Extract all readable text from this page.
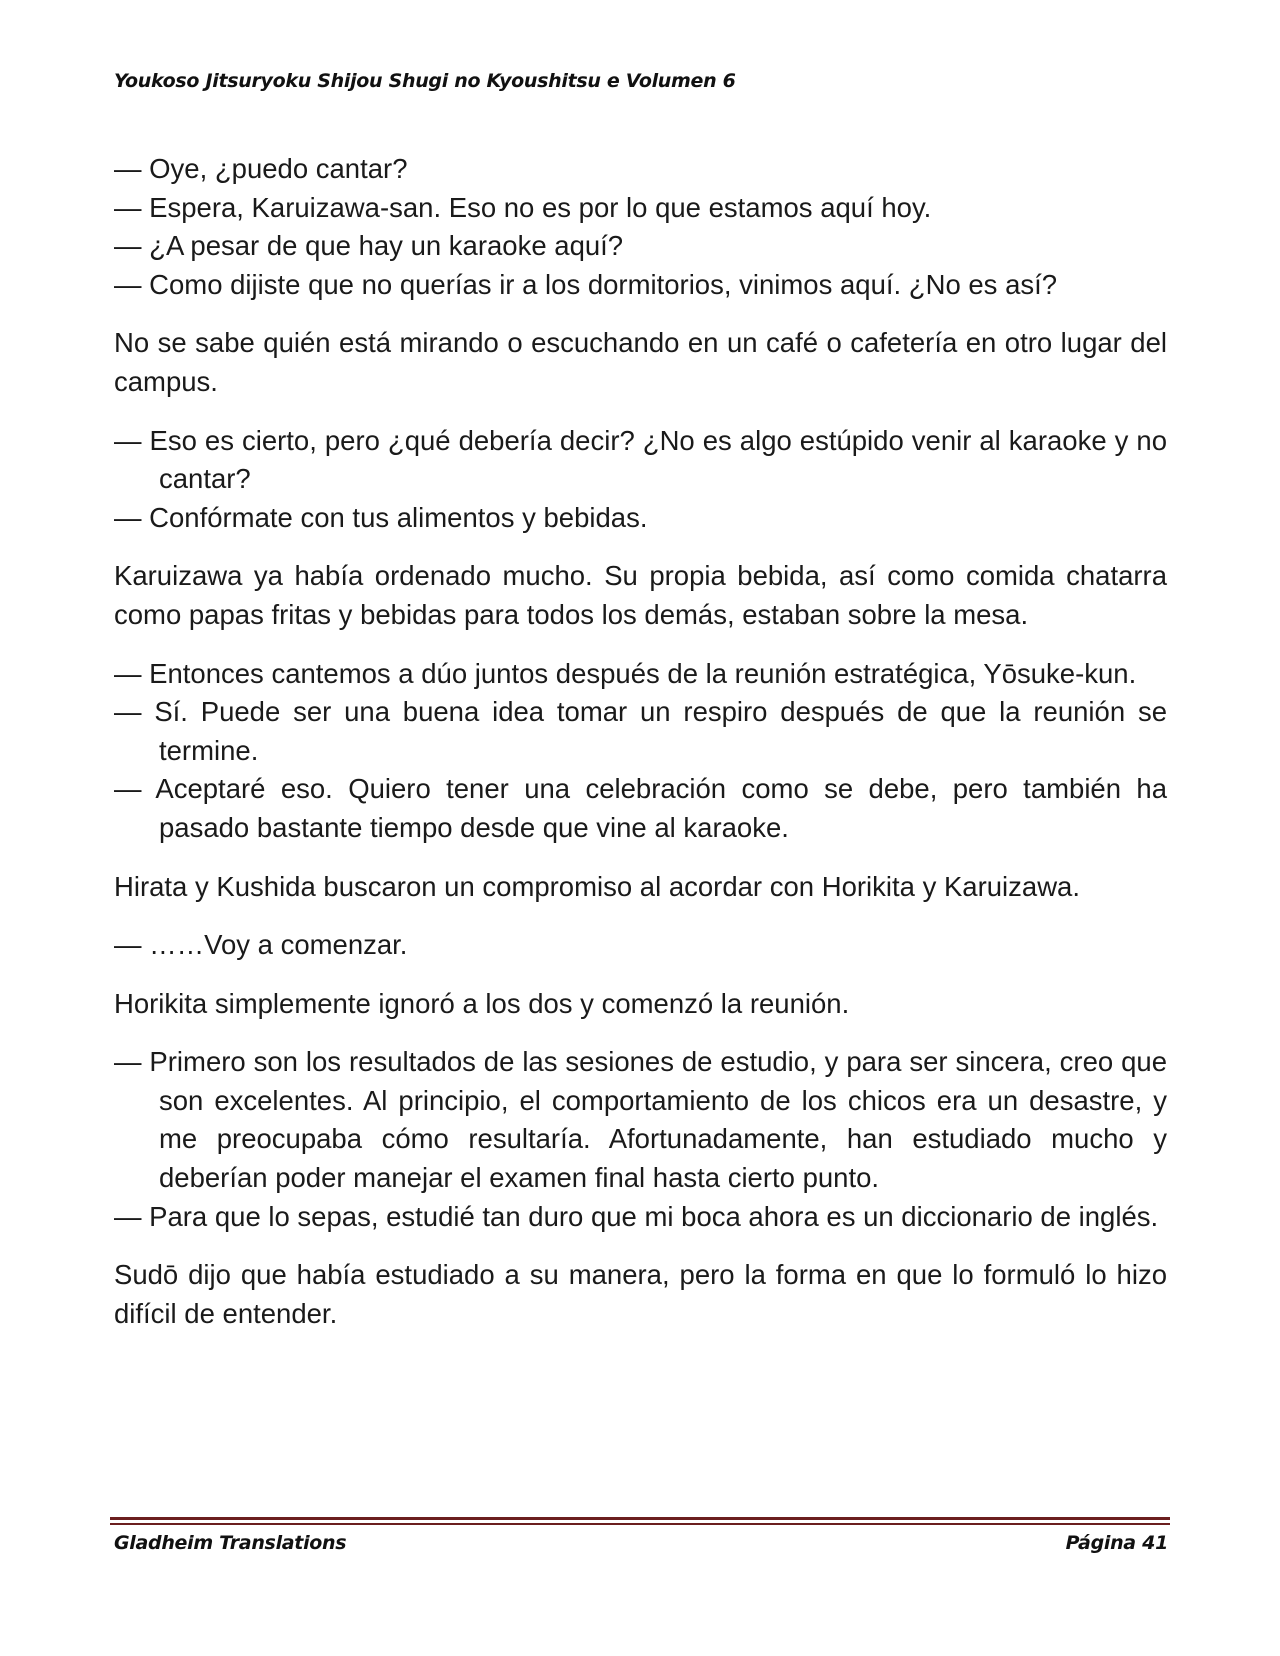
Youkoso Jitsuryoku Shijou Shugi no Kyoushitsu e Volumen 6

— Oye, ¿puedo cantar?

— Espera, Karuizawa-san. Eso no es por lo que estamos aquí hoy.

— ¿A pesar de que hay un karaoke aquí?

— Como dijiste que no querías ir a los dormitorios, vinimos aquí. ¿No es así?

No se sabe quién está mirando o escuchando en un café o cafetería en otro lugar del campus.

— Eso es cierto, pero ¿qué debería decir? ¿No es algo estúpido venir al karaoke y no cantar?

— Confórmate con tus alimentos y bebidas.

Karuizawa ya había ordenado mucho. Su propia bebida, así como comida chatarra como papas fritas y bebidas para todos los demás, estaban sobre la mesa.

— Entonces cantemos a dúo juntos después de la reunión estratégica, Yōsuke-kun.

— Sí. Puede ser una buena idea tomar un respiro después de que la reunión se termine.

— Aceptaré eso. Quiero tener una celebración como se debe, pero también ha pasado bastante tiempo desde que vine al karaoke.

Hirata y Kushida buscaron un compromiso al acordar con Horikita y Karuizawa.

— ……Voy a comenzar.

Horikita simplemente ignoró a los dos y comenzó la reunión.

— Primero son los resultados de las sesiones de estudio, y para ser sincera, creo que son excelentes. Al principio, el comportamiento de los chicos era un desastre, y me preocupaba cómo resultaría. Afortunadamente, han estudiado mucho y deberían poder manejar el examen final hasta cierto punto.

— Para que lo sepas, estudié tan duro que mi boca ahora es un diccionario de inglés.

Sudō dijo que había estudiado a su manera, pero la forma en que lo formuló lo hizo difícil de entender.

Gladheim Translations	Página 41
